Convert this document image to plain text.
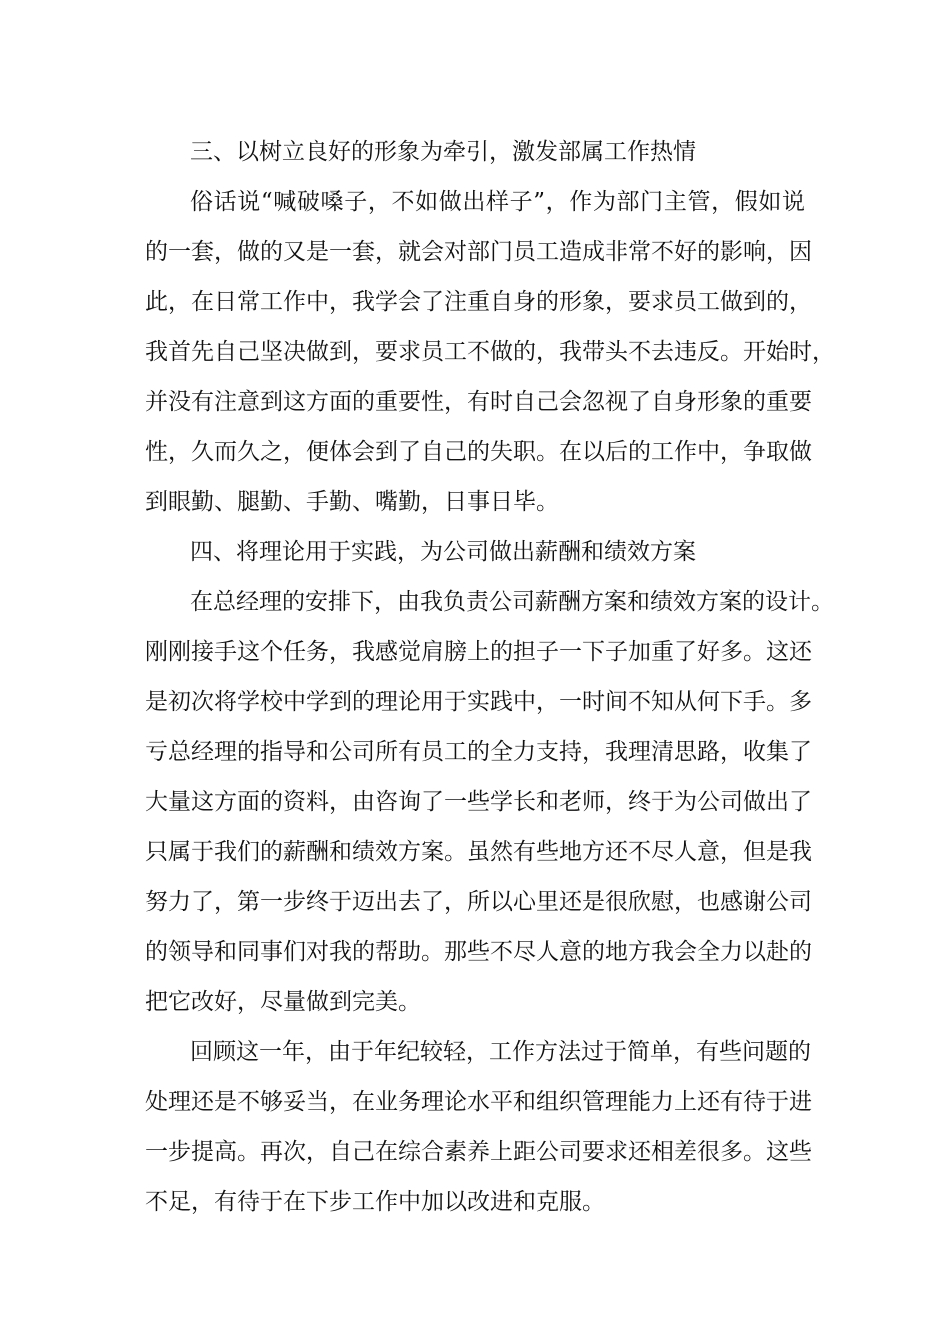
三、以树立良好的形象为牵引，激发部属工作热情
俗话说“喊破嗓子，不如做出样子”，作为部门主管，假如说
的一套，做的又是一套，就会对部门员工造成非常不好的影响，因
此，在日常工作中，我学会了注重自身的形象，要求员工做到的，
我首先自己坚决做到，要求员工不做的，我带头不去违反。开始时，
并没有注意到这方面的重要性，有时自己会忽视了自身形象的重要
性，久而久之，便体会到了自己的失职。在以后的工作中，争取做
到眼勤、腿勤、手勤、嘴勤，日事日毕。
四、将理论用于实践，为公司做出薪酬和绩效方案
在总经理的安排下，由我负责公司薪酬方案和绩效方案的设计。
刚刚接手这个任务，我感觉肩膀上的担子一下子加重了好多。这还
是初次将学校中学到的理论用于实践中，一时间不知从何下手。多
亏总经理的指导和公司所有员工的全力支持，我理清思路，收集了
大量这方面的资料，由咨询了一些学长和老师，终于为公司做出了
只属于我们的薪酬和绩效方案。虽然有些地方还不尽人意，但是我
努力了，第一步终于迈出去了，所以心里还是很欣慰，也感谢公司
的领导和同事们对我的帮助。那些不尽人意的地方我会全力以赴的
把它改好，尽量做到完美。
回顾这一年，由于年纪较轻，工作方法过于简单，有些问题的
处理还是不够妥当，在业务理论水平和组织管理能力上还有待于进
一步提高。再次，自己在综合素养上距公司要求还相差很多。这些
不足，有待于在下步工作中加以改进和克服。
